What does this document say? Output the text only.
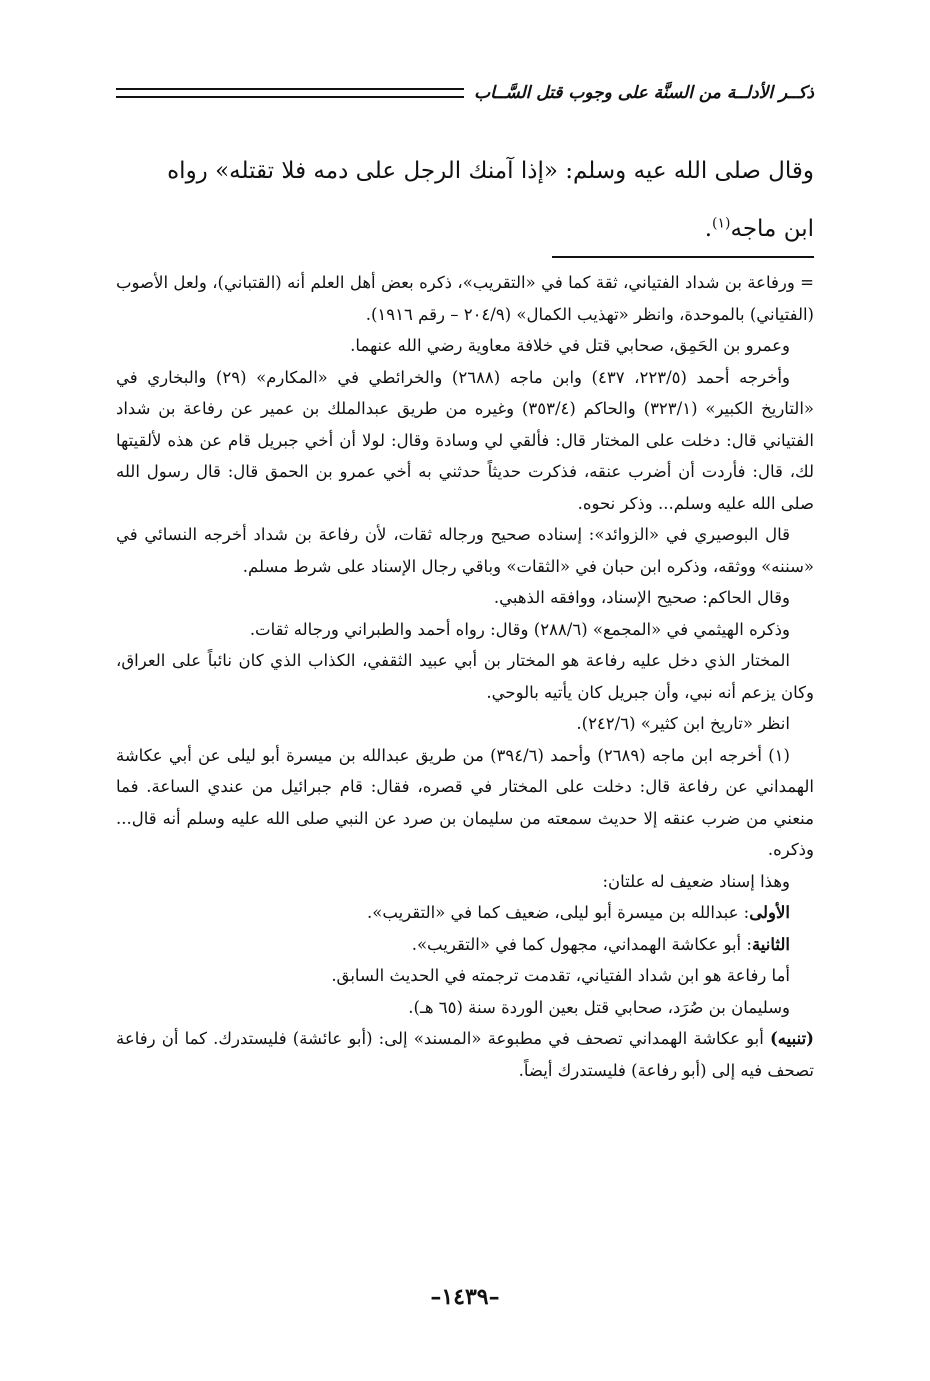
ذكــر الأدلــة من السنَّة على وجوب قتل السَّــاب

وقال صلى الله عيه وسلم: «إذا آمنك الرجل على دمه فلا تقتله» رواه

ابن ماجه$^{(١)}$.

= ورفاعة بن شداد الفتياني، ثقة كما في «التقريب»، ذكره بعض أهل العلم أنه (القتباني)، ولعل الأصوب (الفتياني) بالموحدة، وانظر «تهذيب الكمال» (٢٠٤/٩ – رقم ١٩١٦).

وعمرو بن الحَمِق، صحابي قتل في خلافة معاوية رضي الله عنهما.

وأخرجه أحمد (٢٢٣/٥، ٤٣٧) وابن ماجه (٢٦٨٨) والخرائطي في «المكارم» (٢٩) والبخاري في «التاريخ الكبير» (٣٢٣/١) والحاكم (٣٥٣/٤) وغيره من طريق عبدالملك بن عمير عن رفاعة بن شداد الفتياني قال: دخلت على المختار قال: فألقي لي وسادة وقال: لولا أن أخي جبريل قام عن هذه لألقيتها لك، قال: فأردت أن أضرب عنقه، فذكرت حديثاً حدثني به أخي عمرو بن الحمق قال: قال رسول الله صلى الله عليه وسلم... وذكر نحوه.

قال البوصيري في «الزوائد»: إسناده صحيح ورجاله ثقات، لأن رفاعة بن شداد أخرجه النسائي في «سننه» ووثقه، وذكره ابن حبان في «الثقات» وباقي رجال الإسناد على شرط مسلم.

وقال الحاكم: صحيح الإسناد، ووافقه الذهبي.

وذكره الهيثمي في «المجمع» (٢٨٨/٦) وقال: رواه أحمد والطبراني ورجاله ثقات.

المختار الذي دخل عليه رفاعة هو المختار بن أبي عبيد الثقفي، الكذاب الذي كان نائباً على العراق، وكان يزعم أنه نبي، وأن جبريل كان يأتيه بالوحي.

انظر «تاريخ ابن كثير» (٢٤٢/٦).

(١) أخرجه ابن ماجه (٢٦٨٩) وأحمد (٣٩٤/٦) من طريق عبدالله بن ميسرة أبو ليلى عن أبي عكاشة الهمداني عن رفاعة قال: دخلت على المختار في قصره، فقال: قام جبرائيل من عندي الساعة. فما منعني من ضرب عنقه إلا حديث سمعته من سليمان بن صرد عن النبي صلى الله عليه وسلم أنه قال... وذكره.

وهذا إسناد ضعيف له علتان:

الأولى: عبدالله بن ميسرة أبو ليلى، ضعيف كما في «التقريب».

الثانية: أبو عكاشة الهمداني، مجهول كما في «التقريب».

أما رفاعة هو ابن شداد الفتياني، تقدمت ترجمته في الحديث السابق.

وسليمان بن صُرَد، صحابي قتل بعين الوردة سنة (٦٥ هـ).

(تنبيه) أبو عكاشة الهمداني تصحف في مطبوعة «المسند» إلى: (أبو عائشة) فليستدرك. كما أن رفاعة تصحف فيه إلى (أبو رفاعة) فليستدرك أيضاً.

–١٤٣٩–
